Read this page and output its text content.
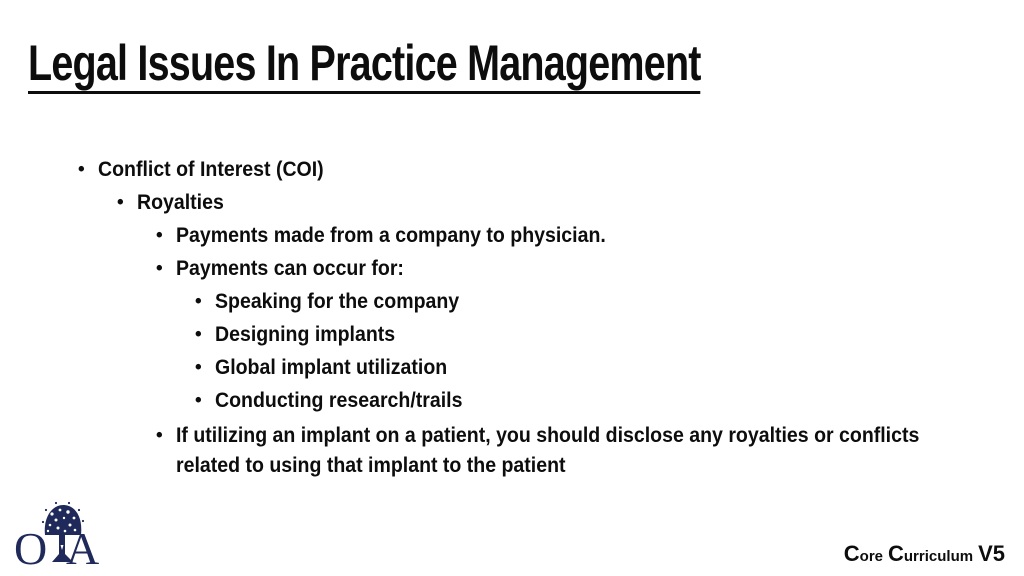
Legal Issues In Practice Management
• Conflict of Interest (COI)
• Royalties
• Payments made from a company to physician.
• Payments can occur for:
• Speaking for the company
• Designing implants
• Global implant utilization
• Conducting research/trails
• If utilizing an implant on a patient, you should disclose any royalties or conflicts related to using that implant to the patient
O A	Core Curriculum V5
